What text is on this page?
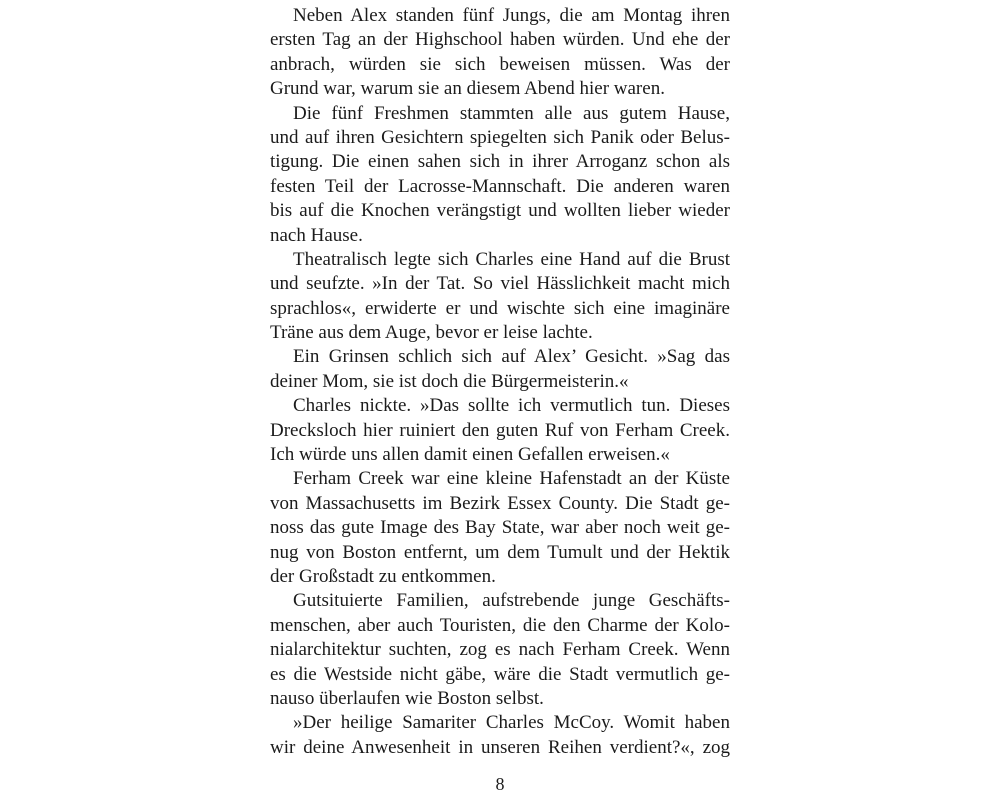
Neben Alex standen fünf Jungs, die am Montag ihren
ersten Tag an der Highschool haben würden. Und ehe der
anbrach, würden sie sich beweisen müssen. Was der
Grund war, warum sie an diesem Abend hier waren.
Die fünf Freshmen stammten alle aus gutem Hause,
und auf ihren Gesichtern spiegelten sich Panik oder Belus-
tigung. Die einen sahen sich in ihrer Arroganz schon als
festen Teil der Lacrosse-Mannschaft. Die anderen waren
bis auf die Knochen verängstigt und wollten lieber wieder
nach Hause.
Theatralisch legte sich Charles eine Hand auf die Brust
und seufzte. »In der Tat. So viel Hässlichkeit macht mich
sprachlos«, erwiderte er und wischte sich eine imaginäre
Träne aus dem Auge, bevor er leise lachte.
Ein Grinsen schlich sich auf Alex’ Gesicht. »Sag das
deiner Mom, sie ist doch die Bürgermeisterin.«
Charles nickte. »Das sollte ich vermutlich tun. Dieses
Drecksloch hier ruiniert den guten Ruf von Ferham Creek.
Ich würde uns allen damit einen Gefallen erweisen.«
Ferham Creek war eine kleine Hafenstadt an der Küste
von Massachusetts im Bezirk Essex County. Die Stadt ge-
noss das gute Image des Bay State, war aber noch weit ge-
nug von Boston entfernt, um dem Tumult und der Hektik
der Großstadt zu entkommen.
Gutsituierte Familien, aufstrebende junge Geschäfts-
menschen, aber auch Touristen, die den Charme der Kolo-
nialarchitektur suchten, zog es nach Ferham Creek. Wenn
es die Westside nicht gäbe, wäre die Stadt vermutlich ge-
nauso überlaufen wie Boston selbst.
»Der heilige Samariter Charles McCoy. Womit haben
wir deine Anwesenheit in unseren Reihen verdient?«, zog
8
